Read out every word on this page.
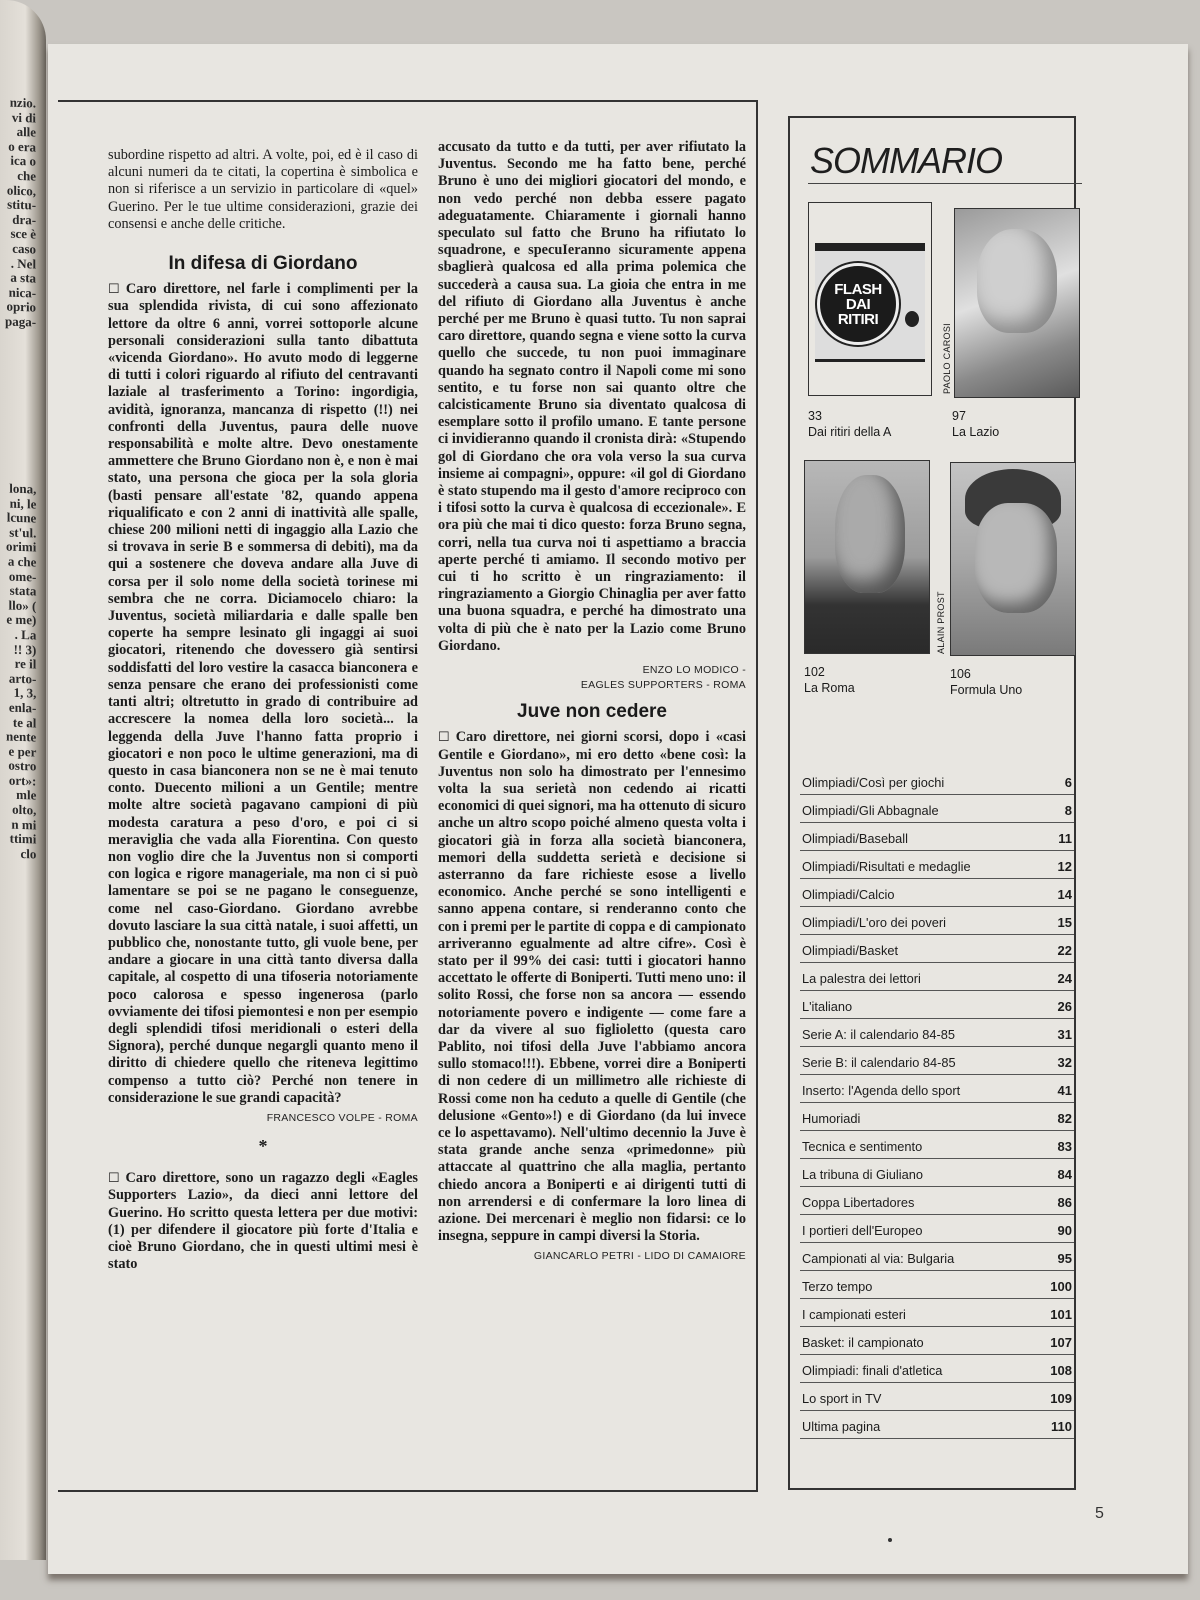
nzio.
vi di
alle
o era
ica o
che
olico,
stitu-
dra-
sce è
caso
. Nel
a sta
nica-
oprio
paga-
lona,
ni, le
lcune
st'ul.
orimi
a che
ome-
stata
llo» (
e me)
. La
!! 3)
re il
arto-
1, 3,
enla-
te al
nente
e per
ostro
ort»:
mle
olto,
n mi
ttimi
clo

subordine rispetto ad altri. A volte, poi, ed è il caso di alcuni numeri da te citati, la copertina è simbolica e non si riferisce a un servizio in particolare di «quel» Guerino. Per le tue ultime considerazioni, grazie dei consensi e anche delle critiche.

In difesa di Giordano

☐ Caro direttore, nel farle i complimenti per la sua splendida rivista, di cui sono affezionato lettore da oltre 6 anni, vorrei sottoporle alcune personali considerazioni sulla tanto dibattuta «vicenda Giordano». Ho avuto modo di leggerne di tutti i colori riguardo al rifiuto del centravanti laziale al trasferimento a Torino: ingordigia, avidità, ignoranza, mancanza di rispetto (!!) nei confronti della Juventus, paura delle nuove responsabilità e molte altre. Devo onestamente ammettere che Bruno Giordano non è, e non è mai stato, una persona che gioca per la sola gloria (basti pensare all'estate '82, quando appena riqualificato e con 2 anni di inattività alle spalle, chiese 200 milioni netti di ingaggio alla Lazio che si trovava in serie B e sommersa di debiti), ma da qui a sostenere che doveva andare alla Juve di corsa per il solo nome della società torinese mi sembra che ne corra. Diciamocelo chiaro: la Juventus, società miliardaria e dalle spalle ben coperte ha sempre lesinato gli ingaggi ai suoi giocatori, ritenendo che dovessero già sentirsi soddisfatti del loro vestire la casacca bianconera e senza pensare che erano dei professionisti come tanti altri; oltretutto in grado di contribuire ad accrescere la nomea della loro società... la leggenda della Juve l'hanno fatta proprio i giocatori e non poco le ultime generazioni, ma di questo in casa bianconera non se ne è mai tenuto conto. Duecento milioni a un Gentile; mentre molte altre società pagavano campioni di più modesta caratura a peso d'oro, e poi ci si meraviglia che vada alla Fiorentina. Con questo non voglio dire che la Juventus non si comporti con logica e rigore manageriale, ma non ci si può lamentare se poi se ne pagano le conseguenze, come nel caso-Giordano. Giordano avrebbe dovuto lasciare la sua città natale, i suoi affetti, un pubblico che, nonostante tutto, gli vuole bene, per andare a giocare in una città tanto diversa dalla capitale, al cospetto di una tifoseria notoriamente poco calorosa e spesso ingenerosa (parlo ovviamente dei tifosi piemontesi e non per esempio degli splendidi tifosi meridionali o esteri della Signora), perché dunque negargli quanto meno il diritto di chiedere quello che riteneva legittimo compenso a tutto ciò? Perché non tenere in considerazione le sue grandi capacità?

FRANCESCO VOLPE - ROMA
*

☐ Caro direttore, sono un ragazzo degli «Eagles Supporters Lazio», da dieci anni lettore del Guerino. Ho scritto questa lettera per due motivi: (1) per difendere il giocatore più forte d'Italia e cioè Bruno Giordano, che in questi ultimi mesi è stato

accusato da tutto e da tutti, per aver rifiutato la Juventus. Secondo me ha fatto bene, perché Bruno è uno dei migliori giocatori del mondo, e non vedo perché non debba essere pagato adeguatamente. Chiaramente i giornali hanno speculato sul fatto che Bruno ha rifiutato lo squadrone, e specuIeranno sicuramente appena sbaglierà qualcosa ed alla prima polemica che succederà a causa sua. La gioia che entra in me del rifiuto di Giordano alla Juventus è anche perché per me Bruno è quasi tutto. Tu non saprai caro direttore, quando segna e viene sotto la curva quello che succede, tu non puoi immaginare quando ha segnato contro il Napoli come mi sono sentito, e tu forse non sai quanto oltre che calcisticamente Bruno sia diventato qualcosa di esemplare sotto il profilo umano. E tante persone ci invidieranno quando il cronista dirà: «Stupendo gol di Giordano che ora vola verso la sua curva insieme ai compagni», oppure: «il gol di Giordano è stato stupendo ma il gesto d'amore reciproco con i tifosi sotto la curva è qualcosa di eccezionale». E ora più che mai ti dico questo: forza Bruno segna, corri, nella tua curva noi ti aspettiamo a braccia aperte perché ti amiamo. Il secondo motivo per cui ti ho scritto è un ringraziamento: il ringraziamento a Giorgio Chinaglia per aver fatto una buona squadra, e perché ha dimostrato una volta di più che è nato per la Lazio come Bruno Giordano.

ENZO LO MODICO -
EAGLES SUPPORTERS - ROMA
Juve non cedere

☐ Caro direttore, nei giorni scorsi, dopo i «casi Gentile e Giordano», mi ero detto «bene così: la Juventus non solo ha dimostrato per l'ennesimo volta la sua serietà non cedendo ai ricatti economici di quei signori, ma ha ottenuto di sicuro anche un altro scopo poiché almeno questa volta i giocatori già in forza alla società bianconera, memori della suddetta serietà e decisione si asterranno da fare richieste esose a livello economico. Anche perché se sono intelligenti e sanno appena contare, si renderanno conto che con i premi per le partite di coppa e di campionato arriveranno egualmente ad altre cifre». Così è stato per il 99% dei casi: tutti i giocatori hanno accettato le offerte di Boniperti. Tutti meno uno: il solito Rossi, che forse non sa ancora — essendo notoriamente povero e indigente — come fare a dar da vivere al suo figlioletto (questa caro Pablito, noi tifosi della Juve l'abbiamo ancora sullo stomaco!!!). Ebbene, vorrei dire a Boniperti di non cedere di un millimetro alle richieste di Rossi come non ha ceduto a quelle di Gentile (che delusione «Gento»!) e di Giordano (da lui invece ce lo aspettavamo). Nell'ultimo decennio la Juve è stata grande anche senza «primedonne» più attaccate al quattrino che alla maglia, pertanto chiedo ancora a Boniperti e ai dirigenti tutti di non arrendersi e di confermare la loro linea di azione. Dei mercenari è meglio non fidarsi: ce lo insegna, seppure in campi diversi la Storia.

GIANCARLO PETRI - LIDO DI CAMAIORE
SOMMARIO
FLASH
DAI
RITIRI
33
Dai ritiri della A
PAOLO CAROSI
97
La Lazio
102
La Roma
ALAIN PROST
106
Formula Uno
Olimpiadi/Così per giochi	6
Olimpiadi/Gli Abbagnale	8
Olimpiadi/Baseball	11
Olimpiadi/Risultati e medaglie	12
Olimpiadi/Calcio	14
Olimpiadi/L'oro dei poveri	15
Olimpiadi/Basket	22
La palestra dei lettori	24
L'italiano	26
Serie A: il calendario 84-85	31
Serie B: il calendario 84-85	32
Inserto: l'Agenda dello sport	41
Humoriadi	82
Tecnica e sentimento	83
La tribuna di Giuliano	84
Coppa Libertadores	86
I portieri dell'Europeo	90
Campionati al via: Bulgaria	95
Terzo tempo	100
I campionati esteri	101
Basket: il campionato	107
Olimpiadi: finali d'atletica	108
Lo sport in TV	109
Ultima pagina	110
5
